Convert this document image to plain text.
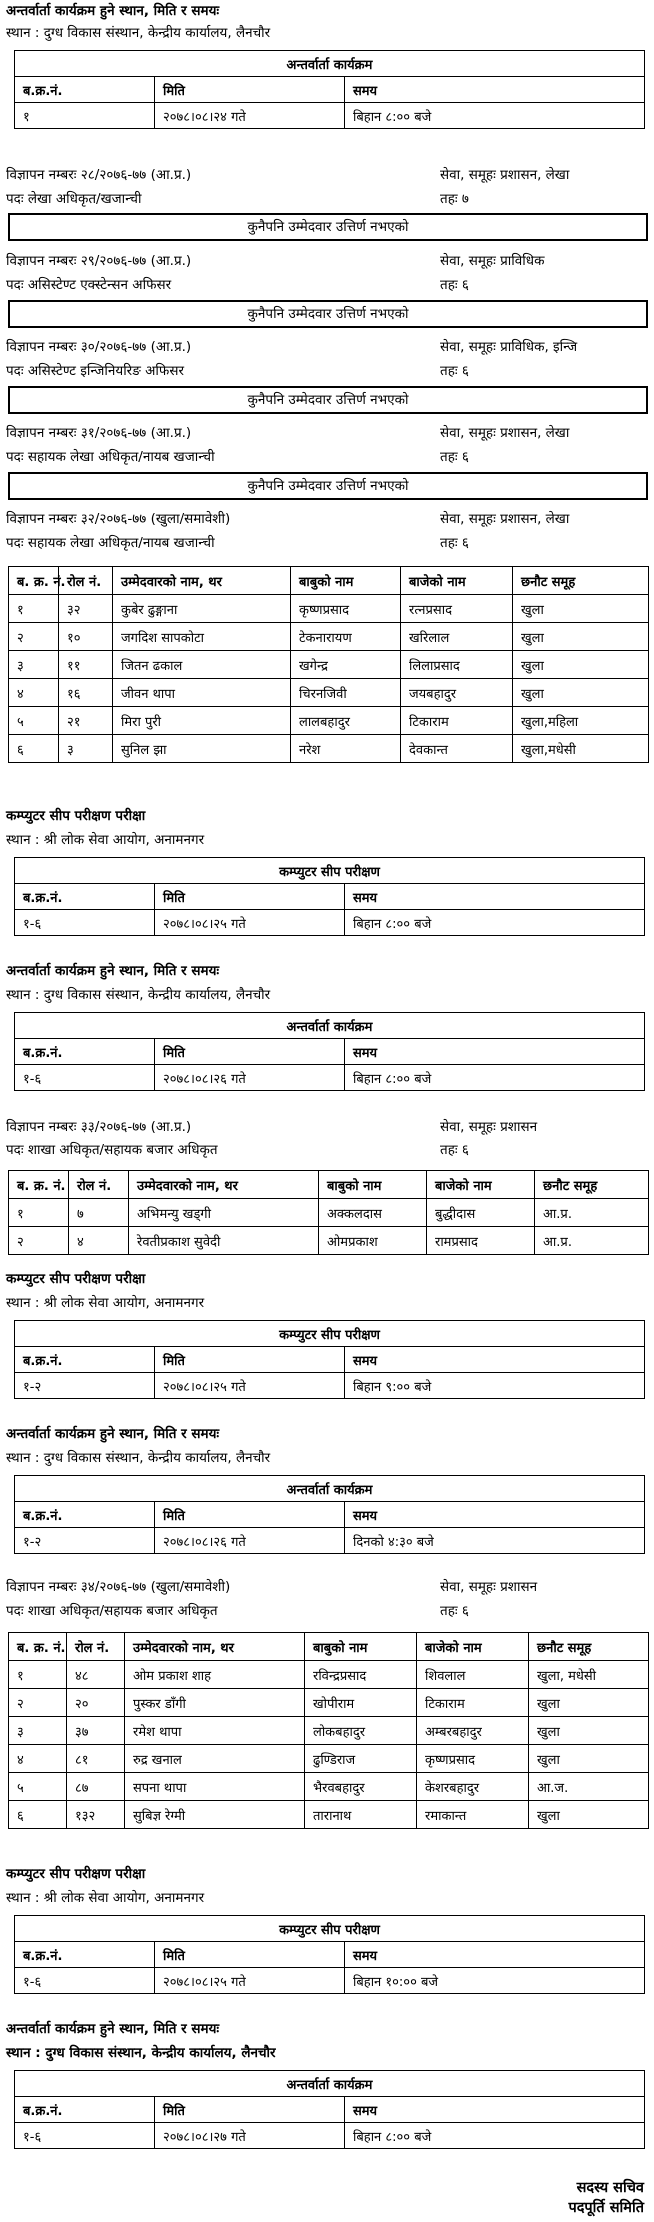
अन्तर्वार्ता कार्यक्रम हुने स्थान, मिति र समयः
स्थान : दुग्ध विकास संस्थान, केन्द्रीय कार्यालय, लैनचौर
अन्तर्वार्ता कार्यक्रम		
ब.क्र.नं.	मिति	समय
१	२०७८।०८।२४ गते	बिहान ८:०० बजे
विज्ञापन नम्बरः २८/२०७६-७७ (आ.प्र.)	सेवा, समूहः प्रशासन, लेखा
पदः लेखा अधिकृत/खजान्ची	तहः ७
कुनैपनि उम्मेदवार उत्तिर्ण नभएको
विज्ञापन नम्बरः २९/२०७६-७७ (आ.प्र.)	सेवा, समूहः प्राविधिक
पदः असिस्टेण्ट एक्स्टेन्सन अफिसर	तहः ६
कुनैपनि उम्मेदवार उत्तिर्ण नभएको
विज्ञापन नम्बरः ३०/२०७६-७७ (आ.प्र.)	सेवा, समूहः प्राविधिक, इन्जि
पदः असिस्टेण्ट इन्जिनियरिङ अफिसर	तहः ६
कुनैपनि उम्मेदवार उत्तिर्ण नभएको
विज्ञापन नम्बरः ३१/२०७६-७७ (आ.प्र.)	सेवा, समूहः प्रशासन, लेखा
पदः सहायक लेखा अधिकृत/नायब खजान्ची	तहः ६
कुनैपनि उम्मेदवार उत्तिर्ण नभएको
विज्ञापन नम्बरः ३२/२०७६-७७ (खुला/समावेशी)	सेवा, समूहः प्रशासन, लेखा
पदः सहायक लेखा अधिकृत/नायब खजान्ची	तहः ६
ब. क्र. नं.	रोल नं.	उम्मेदवारको नाम, थर	बाबुको नाम	बाजेको नाम	छनौट समूह
१	३२	कुबेर ढुङ्गाना	कृष्णप्रसाद	रत्नप्रसाद	खुला
२	१०	जगदिश सापकोटा	टेकनारायण	खरिलाल	खुला
३	११	जितन ढकाल	खगेन्द्र	लिलाप्रसाद	खुला
४	१६	जीवन थापा	चिरनजिवी	जयबहादुर	खुला
५	२१	मिरा पुरी	लालबहादुर	टिकाराम	खुला,महिला
६	३	सुनिल झा	नरेश	देवकान्त	खुला,मधेसी
कम्प्युटर सीप परीक्षण परीक्षा
स्थान : श्री लोक सेवा आयोग, अनामनगर
कम्प्युटर सीप परीक्षण		
ब.क्र.नं.	मिति	समय
१-६	२०७८।०८।२५ गते	बिहान ८:०० बजे
अन्तर्वार्ता कार्यक्रम हुने स्थान, मिति र समयः
स्थान : दुग्ध विकास संस्थान, केन्द्रीय कार्यालय, लैनचौर
अन्तर्वार्ता कार्यक्रम		
ब.क्र.नं.	मिति	समय
१-६	२०७८।०८।२६ गते	बिहान ८:०० बजे
विज्ञापन नम्बरः ३३/२०७६-७७ (आ.प्र.)	सेवा, समूहः प्रशासन
पदः शाखा अधिकृत/सहायक बजार अधिकृत	तहः ६
ब. क्र. नं.	रोल नं.	उम्मेदवारको नाम, थर	बाबुको नाम	बाजेको नाम	छनौट समूह
१	७	अभिमन्यु खड्गी	अक्कलदास	बुद्धीदास	आ.प्र.
२	४	रेवतीप्रकाश सुवेदी	ओमप्रकाश	रामप्रसाद	आ.प्र.
कम्प्युटर सीप परीक्षण परीक्षा
स्थान : श्री लोक सेवा आयोग, अनामनगर
कम्प्युटर सीप परीक्षण		
ब.क्र.नं.	मिति	समय
१-२	२०७८।०८।२५ गते	बिहान ९:०० बजे
अन्तर्वार्ता कार्यक्रम हुने स्थान, मिति र समयः
स्थान : दुग्ध विकास संस्थान, केन्द्रीय कार्यालय, लैनचौर
अन्तर्वार्ता कार्यक्रम		
ब.क्र.नं.	मिति	समय
१-२	२०७८।०८।२६ गते	दिनको ४:३० बजे
विज्ञापन नम्बरः ३४/२०७६-७७ (खुला/समावेशी)	सेवा, समूहः प्रशासन
पदः शाखा अधिकृत/सहायक बजार अधिकृत	तहः ६
ब. क्र. नं.	रोल नं.	उम्मेदवारको नाम, थर	बाबुको नाम	बाजेको नाम	छनौट समूह
१	४८	ओम प्रकाश शाह	रविन्द्रप्रसाद	शिवलाल	खुला, मधेसी
२	२०	पुस्कर डाँगी	खोपीराम	टिकाराम	खुला
३	३७	रमेश थापा	लोकबहादुर	अम्बरबहादुर	खुला
४	८१	रुद्र खनाल	ढुण्डिराज	कृष्णप्रसाद	खुला
५	८७	सपना थापा	भैरवबहादुर	केशरबहादुर	आ.ज.
६	१३२	सुबिज्ञ रेग्मी	तारानाथ	रमाकान्त	खुला
कम्प्युटर सीप परीक्षण परीक्षा
स्थान : श्री लोक सेवा आयोग, अनामनगर
कम्प्युटर सीप परीक्षण		
ब.क्र.नं.	मिति	समय
१-६	२०७८।०८।२५ गते	बिहान १०:०० बजे
अन्तर्वार्ता कार्यक्रम हुने स्थान, मिति र समयः
स्थान : दुग्ध विकास संस्थान, केन्द्रीय कार्यालय, लैनचौर
अन्तर्वार्ता कार्यक्रम		
ब.क्र.नं.	मिति	समय
१-६	२०७८।०८।२७ गते	बिहान ८:०० बजे
सदस्य सचिव
पदपूर्ति समिति
